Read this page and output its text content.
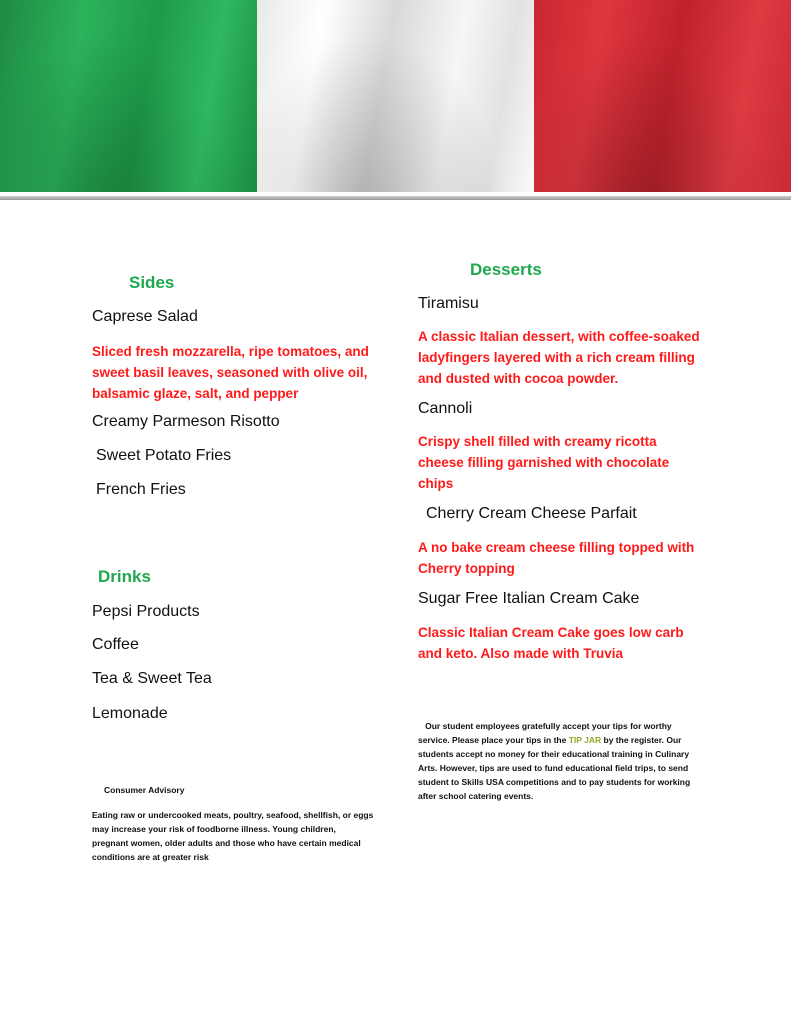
Sides

Caprese Salad

Sliced fresh mozzarella, ripe tomatoes, and sweet basil leaves, seasoned with olive oil, balsamic glaze, salt, and pepper

Creamy Parmeson Risotto

Sweet Potato Fries

French Fries

Drinks

Pepsi Products

Coffee

Tea & Sweet Tea

Lemonade

Consumer Advisory

Eating raw or undercooked meats, poultry, seafood, shellfish, or eggs may increase your risk of foodborne illness. Young children, pregnant women, older adults and those who have certain medical conditions are at greater risk

Desserts

Tiramisu

A classic Italian dessert, with coffee-soaked ladyfingers layered with a rich cream filling and dusted with cocoa powder.

Cannoli

Crispy shell filled with creamy ricotta cheese filling garnished with chocolate chips

Cherry Cream Cheese Parfait

A no bake cream cheese filling topped with Cherry topping

Sugar Free Italian Cream Cake

Classic Italian Cream Cake goes low carb and keto. Also made with Truvia

Our student employees gratefully accept your tips for worthy service. Please place your tips in the TIP JAR by the register. Our students accept no money for their educational training in Culinary Arts. However, tips are used to fund educational field trips, to send student to Skills USA competitions and to pay students for working after school catering events.
